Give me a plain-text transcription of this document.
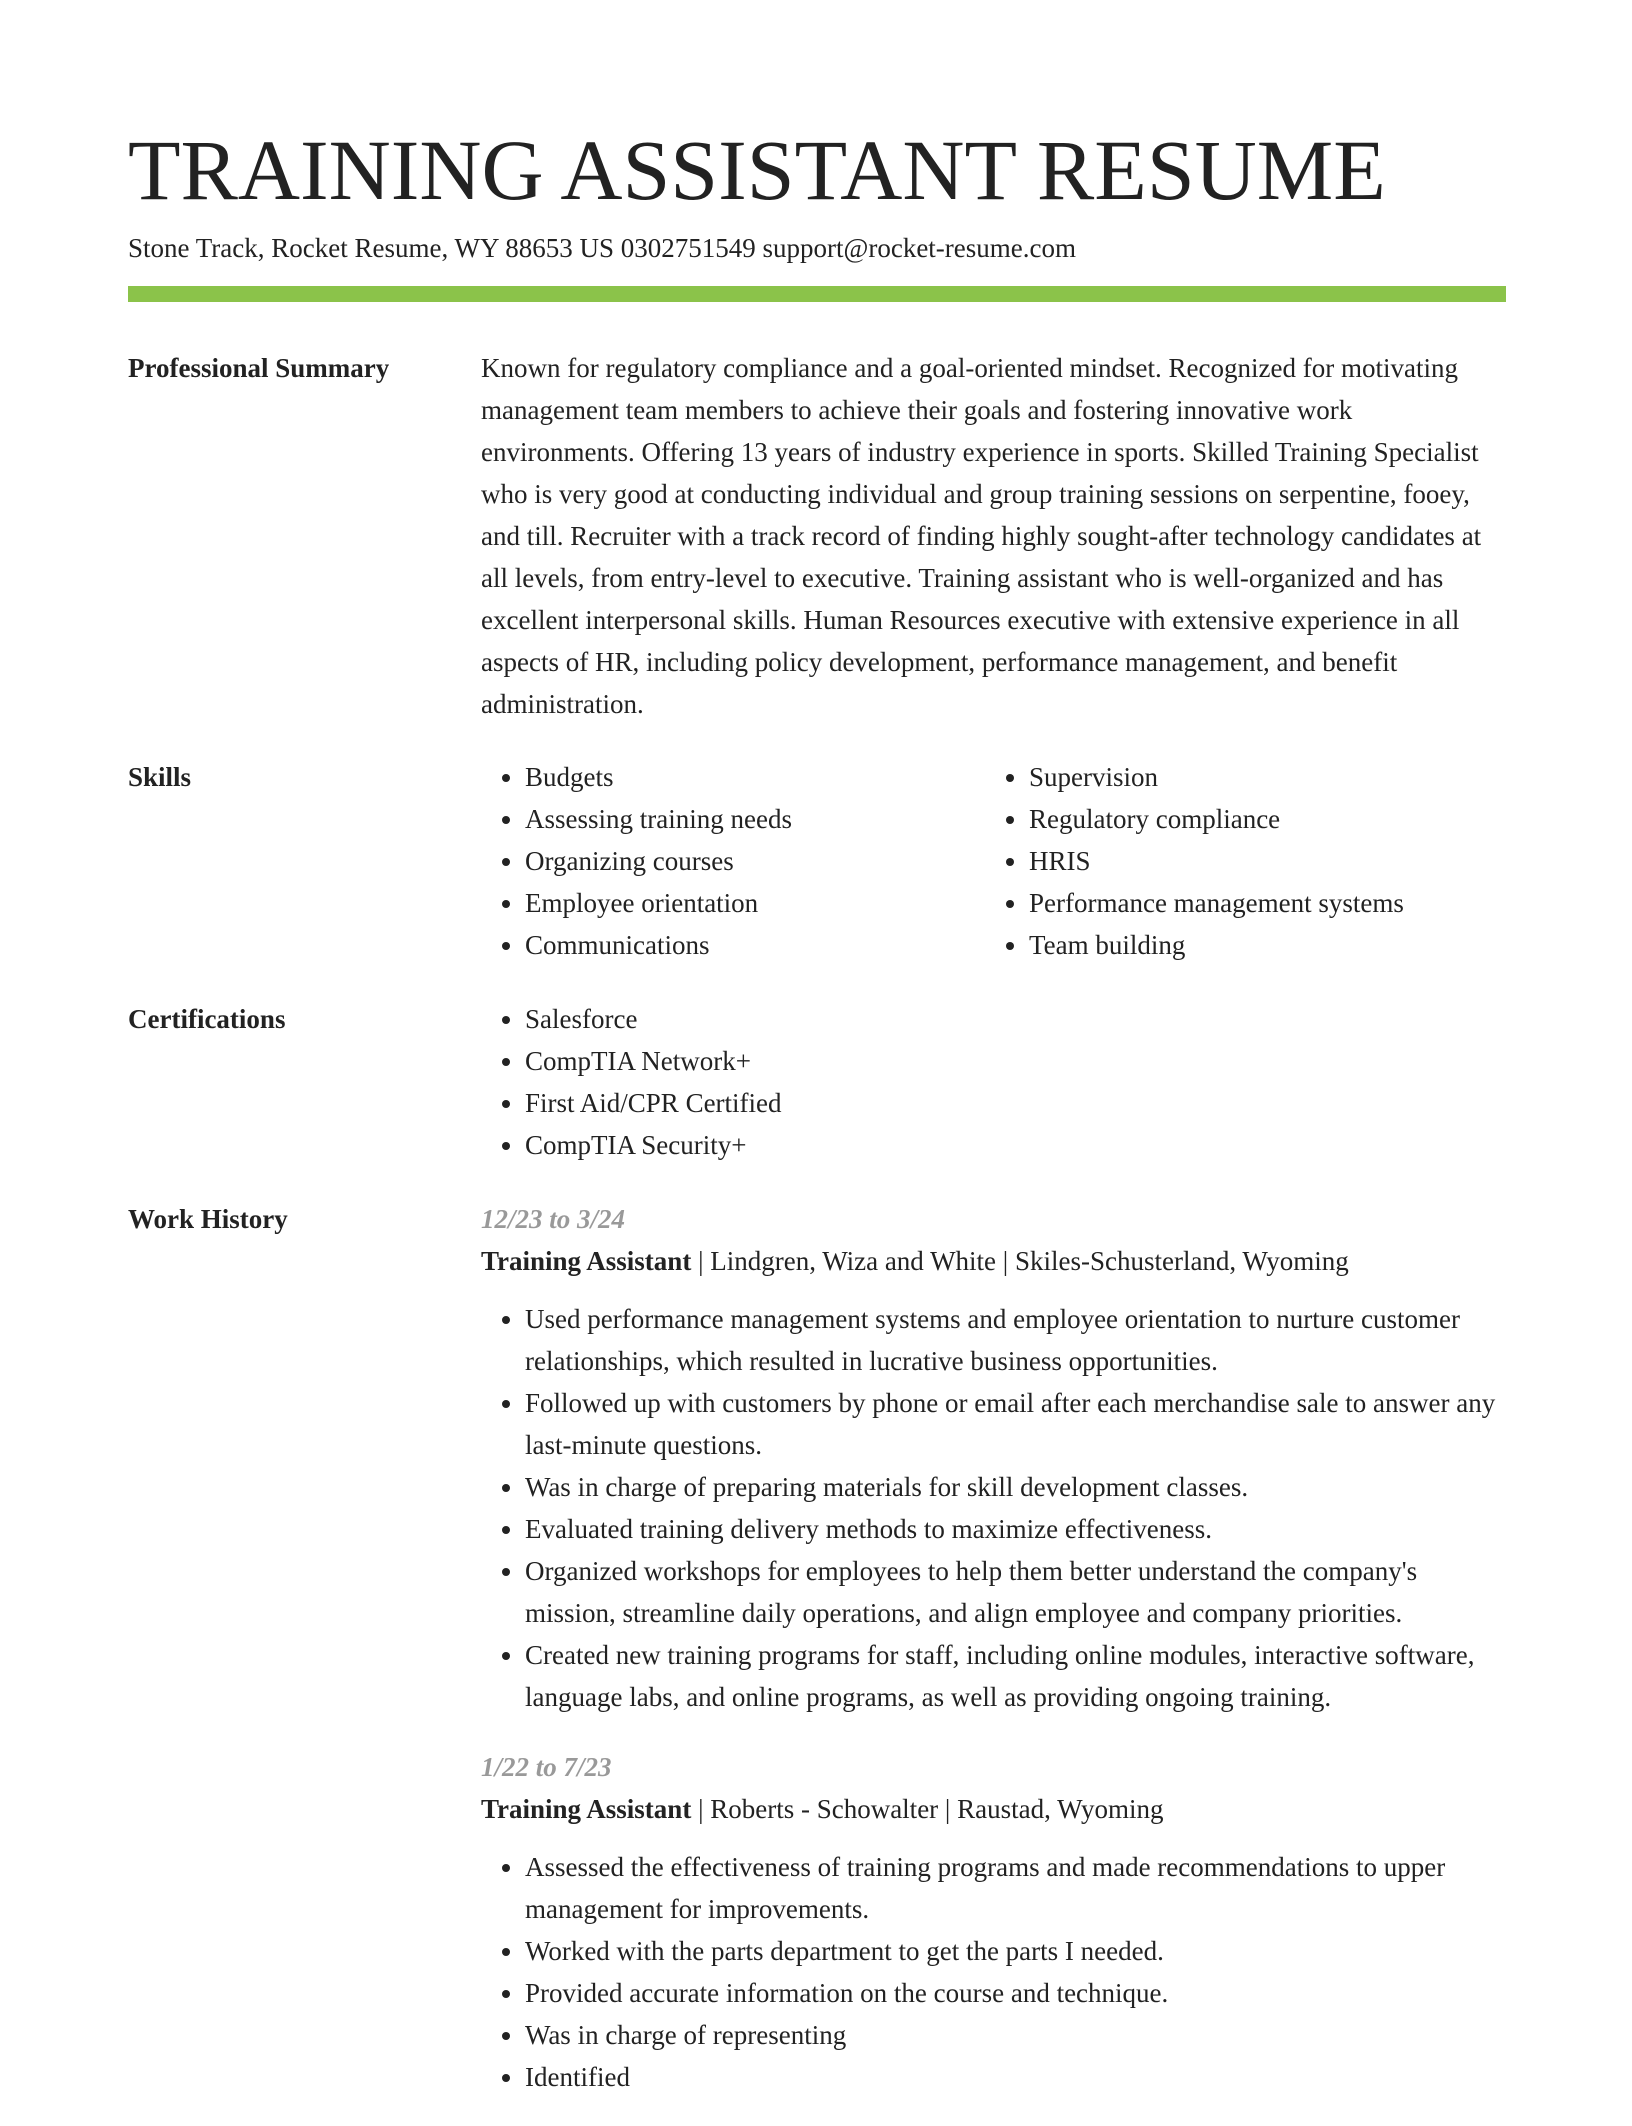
TRAINING ASSISTANT RESUME
Stone Track, Rocket Resume, WY 88653 US 0302751549 support@rocket-resume.com
Professional Summary	Known for regulatory compliance and a goal-oriented mindset. Recognized for motivating management team members to achieve their goals and fostering innovative work environments. Offering 13 years of industry experience in sports. Skilled Training Specialist who is very good at conducting individual and group training sessions on serpentine, fooey, and till. Recruiter with a track record of finding highly sought-after technology candidates at all levels, from entry-level to executive. Training assistant who is well-organized and has excellent interpersonal skills. Human Resources executive with extensive experience in all aspects of HR, including policy development, performance management, and benefit administration.

Skills	• Budgets
• Assessing training needs
• Organizing courses
• Employee orientation
• Communications
• Supervision
• Regulatory compliance
• HRIS
• Performance management systems
• Team building
Certifications	• Salesforce
• CompTIA Network+
• First Aid/CPR Certified
• CompTIA Security+
Work History	12/23 to 3/24
Training Assistant | Lindgren, Wiza and White | Skiles-Schusterland, Wyoming
• Used performance management systems and employee orientation to nurture customer relationships, which resulted in lucrative business opportunities.
• Followed up with customers by phone or email after each merchandise sale to answer any last-minute questions.
• Was in charge of preparing materials for skill development classes.
• Evaluated training delivery methods to maximize effectiveness.
• Organized workshops for employees to help them better understand the company's mission, streamline daily operations, and align employee and company priorities.
• Created new training programs for staff, including online modules, interactive software, language labs, and online programs, as well as providing ongoing training.
1/22 to 7/23
Training Assistant | Roberts - Schowalter | Raustad, Wyoming
• Assessed the effectiveness of training programs and made recommendations to upper management for improvements.
• Worked with the parts department to get the parts I needed.
• Provided accurate information on the course and technique.
• Was in charge of representing
• Identified
